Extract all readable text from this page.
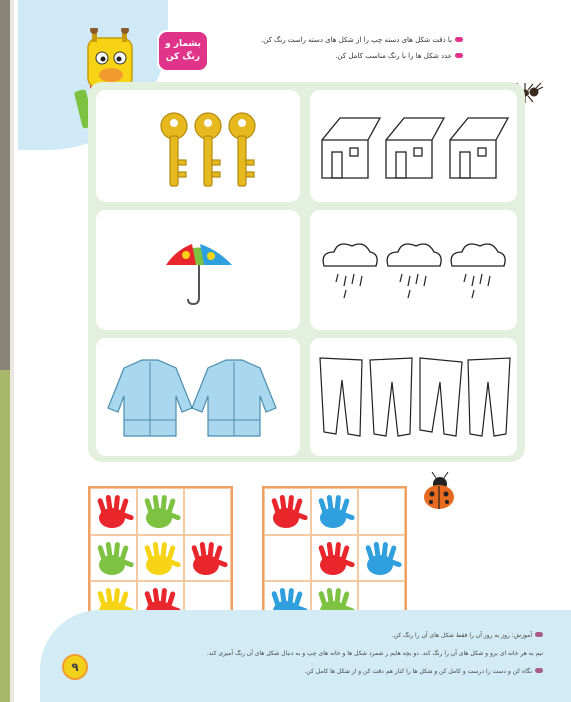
بشمار و
رنگ کن
با دقت شکل های دسته چپ را از شکل های دسته راست رنگ کن.
عدد شکل ها را با رنگ مناسب کامل کن.
آموزش: روز به روز آن را فقط شکل های آن را رنگ کن.
نیم به هر خانه ای برو و شکل های آن را رنگ کند. دو بچه هایم ر شمرد شکل ها و خانه های چپ و به دنبال شکل های آن رنگ آمیزی کند.
نگاه کن و دست را درست و کامل کن و شکل ها را کنار هم دقت کن و از شکل ها کامل کن.
۹
